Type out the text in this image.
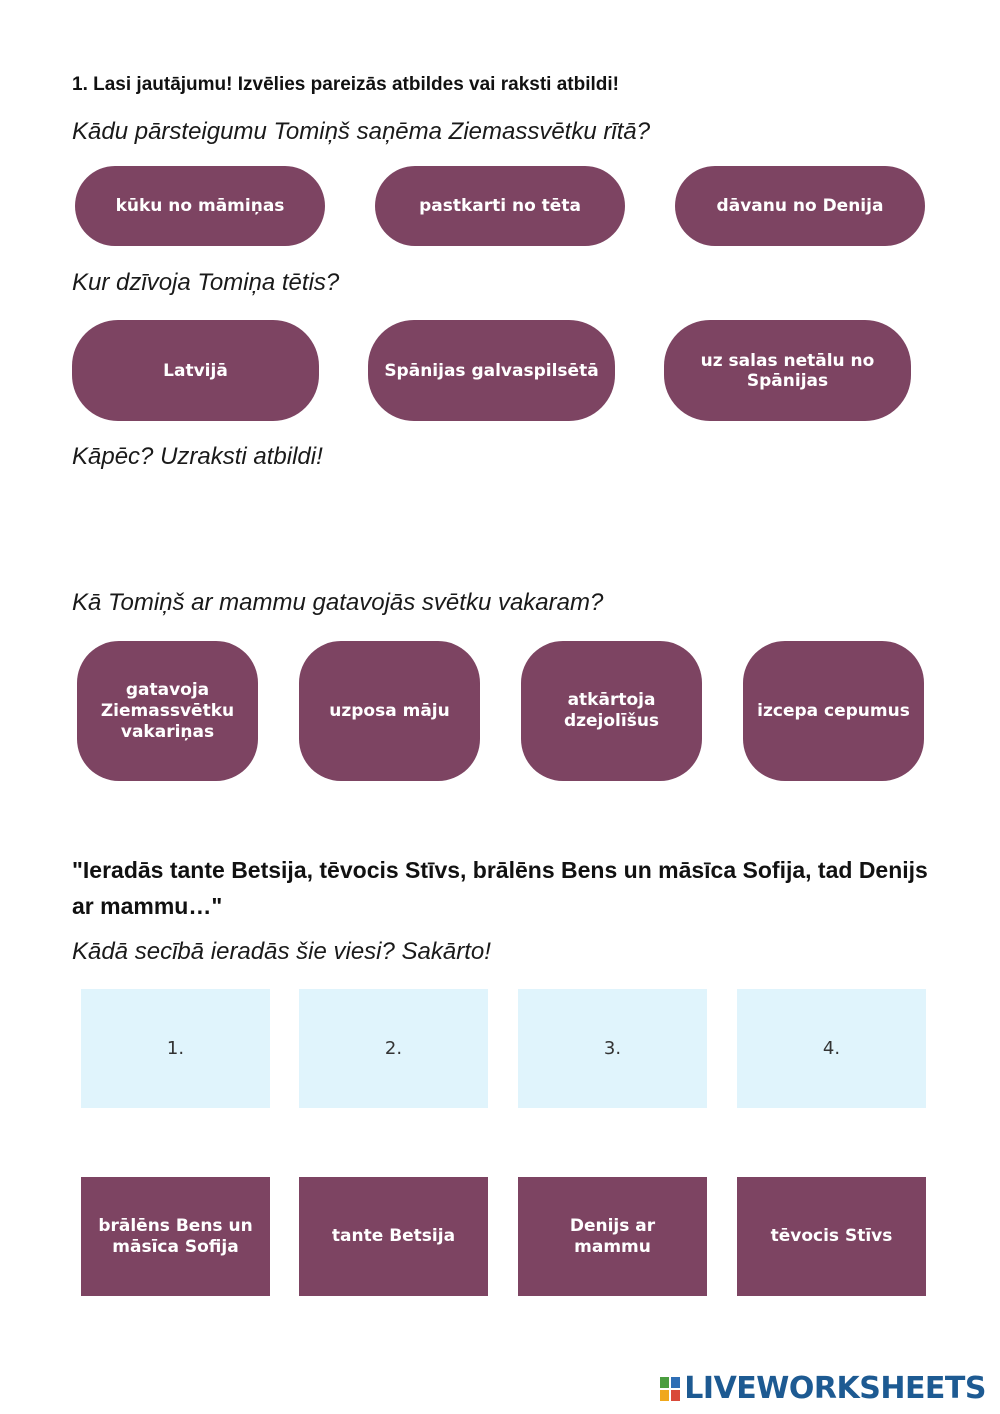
1. Lasi jautājumu! Izvēlies pareizās atbildes vai raksti atbildi!
Kādu pārsteigumu Tomiņš saņēma Ziemassvētku rītā?
kūku no māmiņas	pastkarti no tēta	dāvanu no Denija
Kur dzīvoja Tomiņa tētis?
Latvijā	Spānijas galvaspilsētā	uz salas netālu no Spānijas
Kāpēc? Uzraksti atbildi!
Kā Tomiņš ar mammu gatavojās svētku vakaram?
gatavoja Ziemassvētku vakariņas
uzposa māju
atkārtoja dzejolīšus
izcepa cepumus
"Ieradās tante Betsija, tēvocis Stīvs, brālēns Bens un māsīca Sofija, tad Denijs ar mammu…"
Kādā secībā ieradās šie viesi? Sakārto!
1.	2.	3.	4.
brālēns Bens un māsīca Sofija
tante Betsija
Denijs ar mammu
tēvocis Stīvs
LIVEWORKSHEETS
